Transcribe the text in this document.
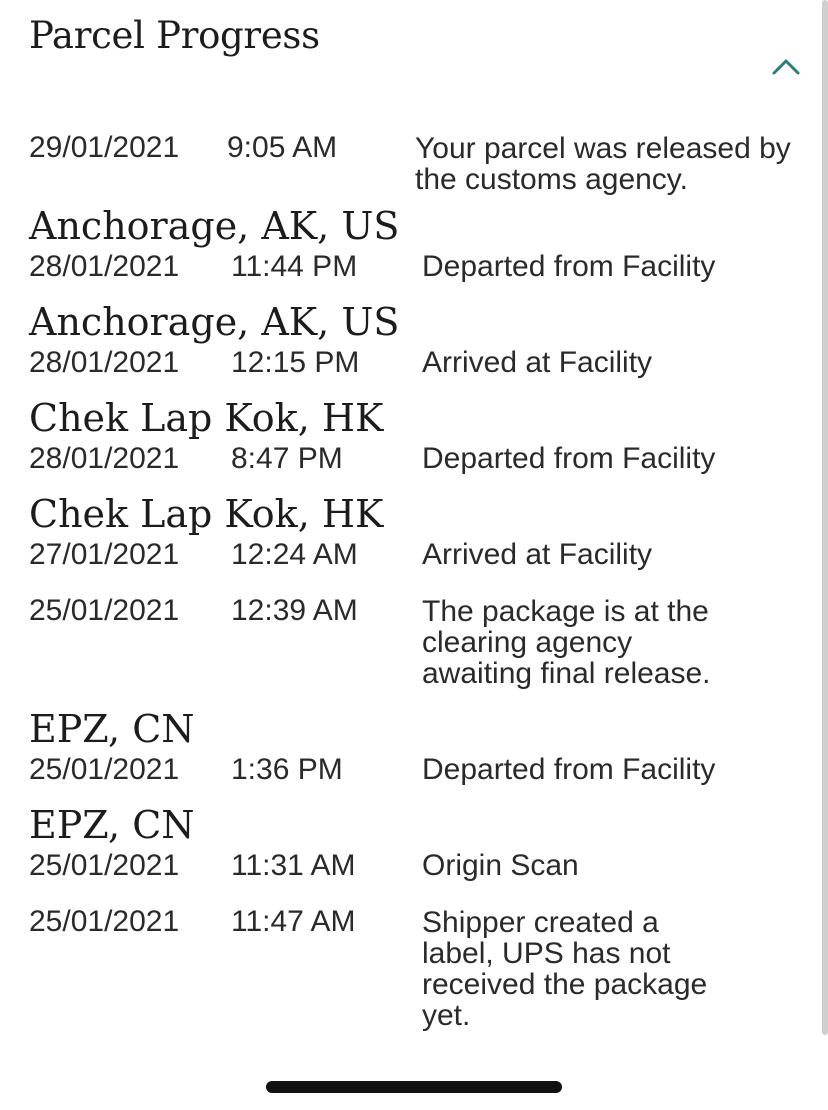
Parcel Progress
29/01/2021 9:05 AM	Your parcel was released by the customs agency.
Anchorage, AK, US
28/01/2021 11:44 PM Departed from Facility
Anchorage, AK, US
28/01/2021 12:15 PM Arrived at Facility
Chek Lap Kok, HK
28/01/2021 8:47 PM	Departed from Facility
Chek Lap Kok, HK
27/01/2021 12:24 AM Arrived at Facility
25/01/2021 12:39 AM The package is at the clearing agency awaiting final release.
EPZ, CN
25/01/2021 1:36 PM	Departed from Facility
EPZ, CN
25/01/2021 11:31 AM Origin Scan
25/01/2021 11:47 AM Shipper created a label, UPS has not received the package yet.
